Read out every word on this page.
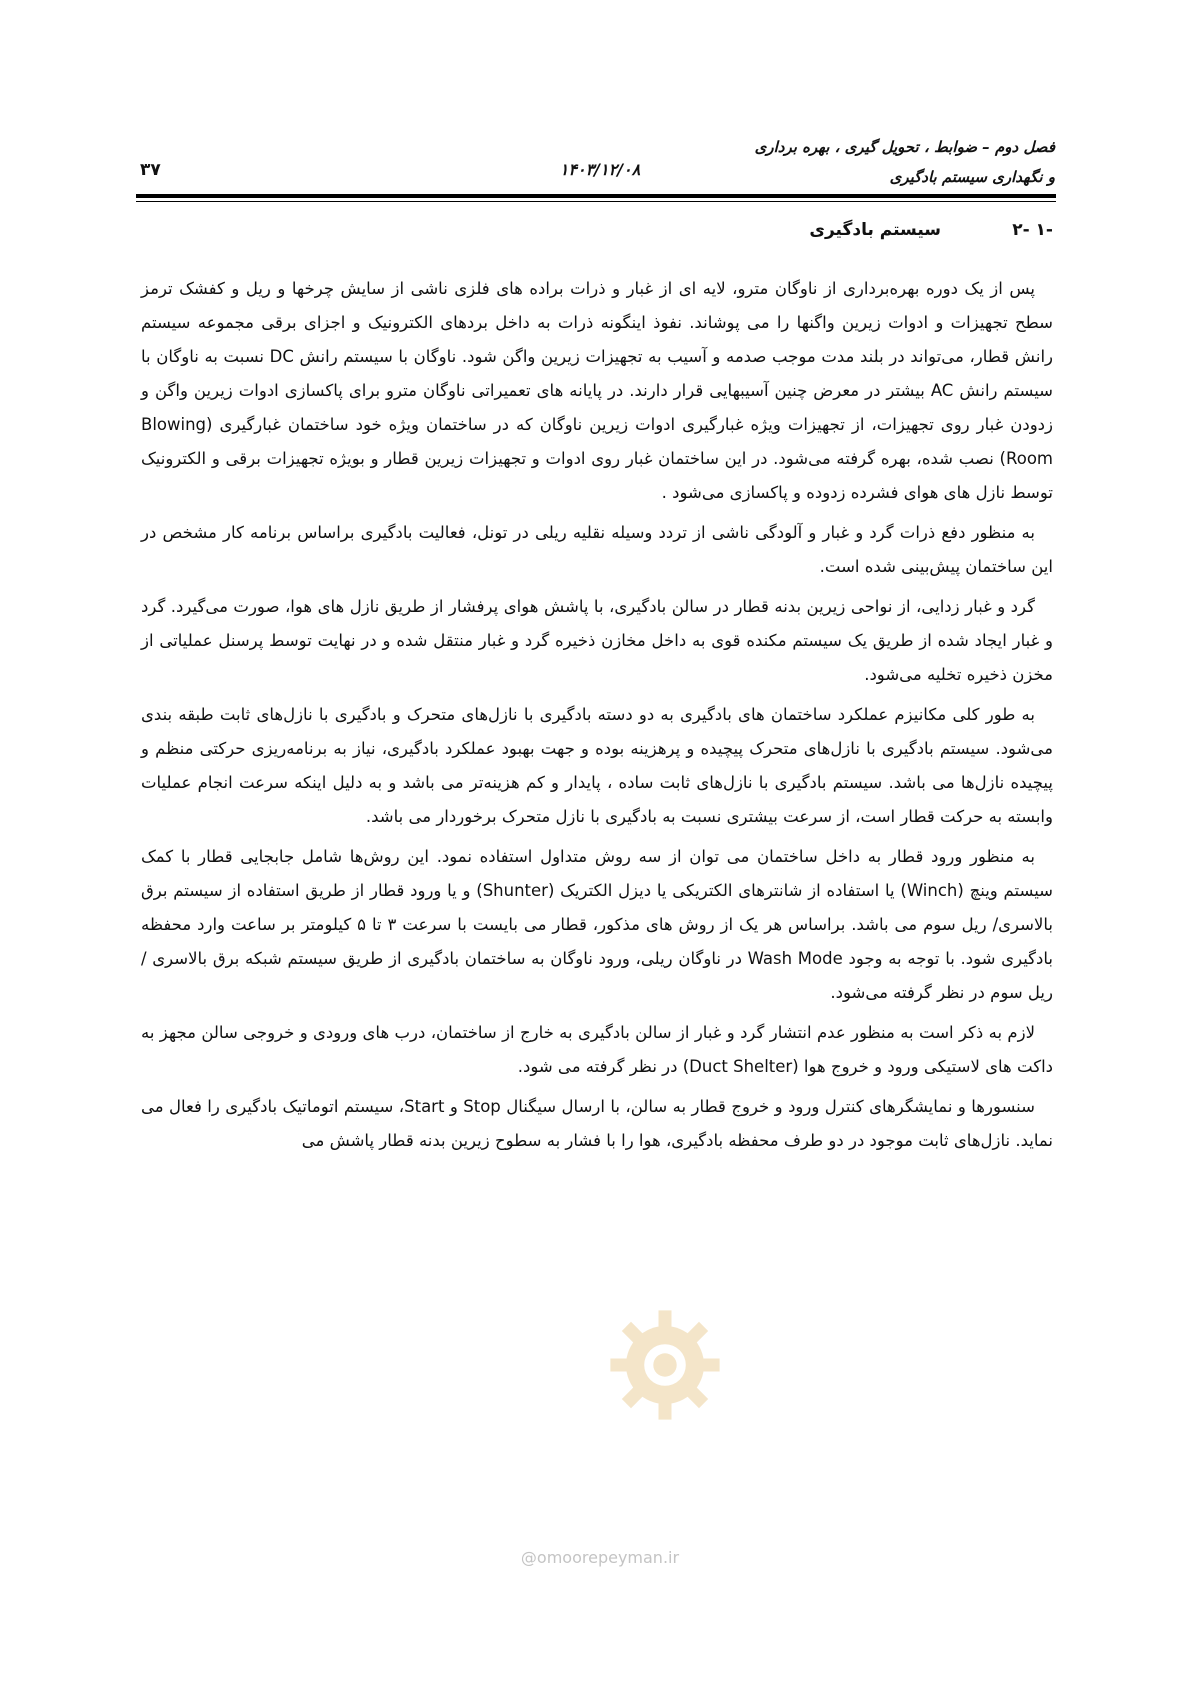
فصل دوم – ضوابط ، تحویل گیری ، بهره برداری
و نگهداری سیستم بادگیری
۱۴۰۳/۱۲/۰۸
۳۷
۲- ۱-
سیستم بادگیری

پس از یک دوره بهره‌برداری از ناوگان مترو، لایه ای از غبار و ذرات براده های فلزی ناشی از سایش چرخها و ریل و کفشک ترمز سطح تجهیزات و ادوات زیرین واگنها را می پوشاند. نفوذ اینگونه ذرات به داخل بردهای الکترونیک و اجزای برقی مجموعه سیستم رانش قطار، می‌تواند در بلند مدت موجب صدمه و آسیب به تجهیزات زیرین واگن شود. ناوگان با سیستم رانش DC نسبت به ناوگان با سیستم رانش AC بیشتر در معرض چنین آسیبهایی قرار دارند. در پایانه های تعمیراتی ناوگان مترو برای پاکسازی ادوات زیرین واگن و زدودن غبار روی تجهیزات، از تجهیزات ویژه غبارگیری ادوات زیرین ناوگان که در ساختمان ویژه خود ساختمان غبارگیری (Blowing Room) نصب شده، بهره گرفته می‌شود. در این ساختمان غبار روی ادوات و تجهیزات زیرین قطار و بویژه تجهیزات برقی و الکترونیک توسط نازل های هوای فشرده زدوده و پاکسازی می‌شود .

به منظور دفع ذرات گرد و غبار و آلودگی ناشی از تردد وسیله نقلیه ریلی در تونل، فعالیت بادگیری براساس برنامه کار مشخص در این ساختمان پیش‌بینی شده است.

گرد و غبار زدایی، از نواحی زیرین بدنه قطار در سالن بادگیری، با پاشش هوای پرفشار از طریق نازل های هوا، صورت می‌گیرد. گرد و غبار ایجاد شده از طریق یک سیستم مکنده قوی به داخل مخازن ذخیره گرد و غبار منتقل شده و در نهایت توسط پرسنل عملیاتی از مخزن ذخیره تخلیه می‌شود.

به طور کلی مکانیزم عملکرد ساختمان های بادگیری به دو دسته بادگیری با نازل‌های متحرک و بادگیری با نازل‌های ثابت طبقه بندی می‌شود. سیستم بادگیری با نازل‌های متحرک پیچیده و پرهزینه بوده و جهت بهبود عملکرد بادگیری، نیاز به برنامه‌ریزی حرکتی منظم و پیچیده نازل‌ها می باشد. سیستم بادگیری با نازل‌های ثابت ساده ، پایدار و کم هزینه‌تر می باشد و به دلیل اینکه سرعت انجام عملیات وابسته به حرکت قطار است، از سرعت بیشتری نسبت به بادگیری با نازل متحرک برخوردار می باشد.

به منظور ورود قطار به داخل ساختمان می توان از سه روش متداول استفاده نمود. این روش‌ها شامل جابجایی قطار با کمک سیستم وینچ (Winch) یا استفاده از شانترهای الکتریکی یا دیزل الکتریک (Shunter) و یا ورود قطار از طریق استفاده از سیستم برق بالاسری/ ریل سوم می باشد. براساس هر یک از روش های مذکور، قطار می بایست با سرعت ۳ تا ۵ کیلومتر بر ساعت وارد محفظه بادگیری شود. با توجه به وجود Wash Mode در ناوگان ریلی، ورود ناوگان به ساختمان بادگیری از طریق سیستم شبکه برق بالاسری / ریل سوم در نظر گرفته می‌شود.

لازم به ذکر است به منظور عدم انتشار گرد و غبار از سالن بادگیری به خارج از ساختمان، درب های ورودی و خروجی سالن مجهز به داکت های لاستیکی ورود و خروج هوا (Duct Shelter) در نظر گرفته می شود.

سنسورها و نمایشگرهای کنترل ورود و خروج قطار به سالن، با ارسال سیگنال Stop و Start، سیستم اتوماتیک بادگیری را فعال می نماید. نازل‌های ثابت موجود در دو طرف محفظه بادگیری، هوا را با فشار به سطوح زیرین بدنه قطار پاشش می

@omoorepeyman.ir
